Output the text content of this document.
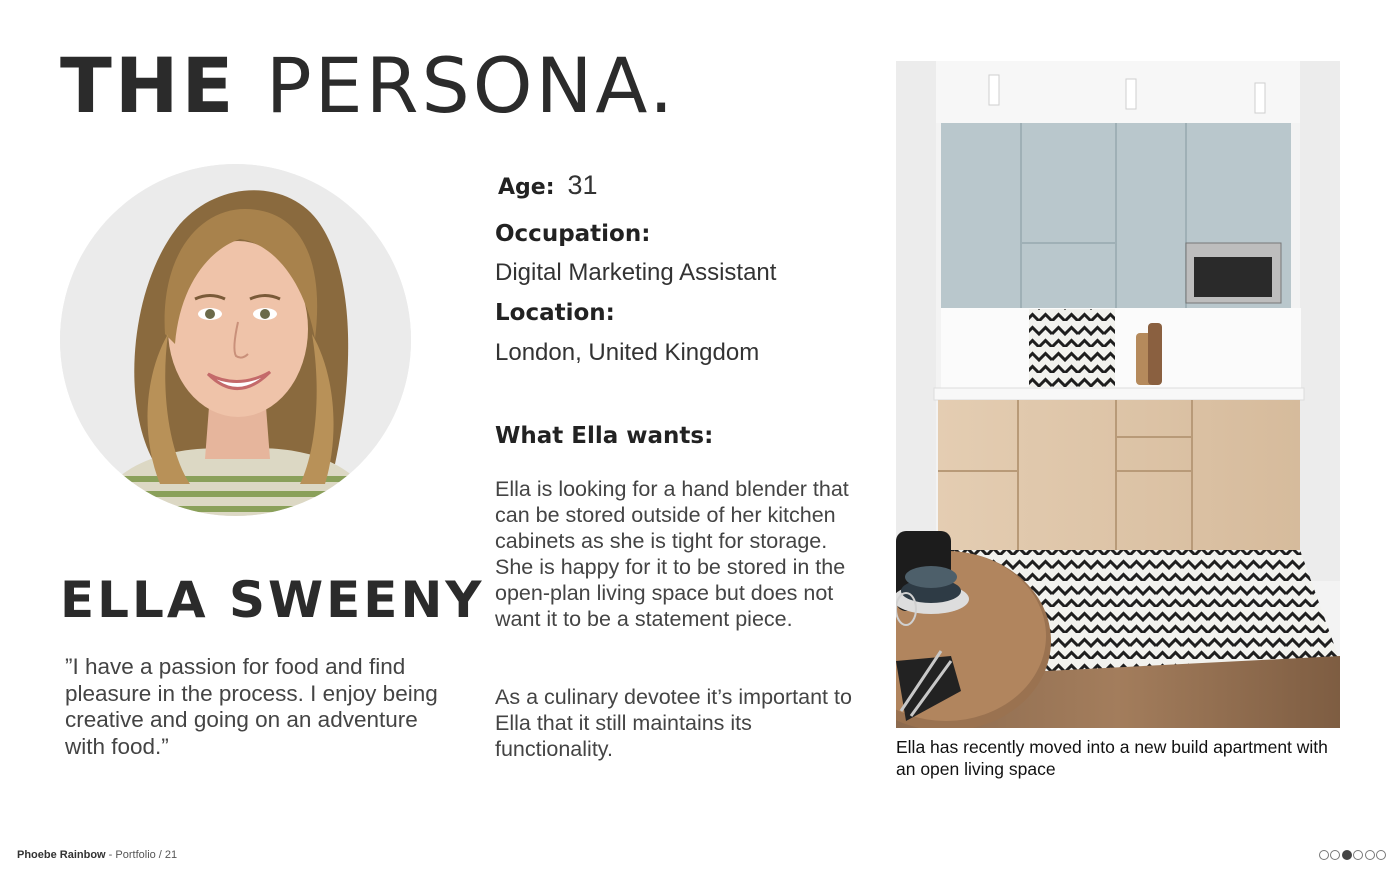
THE PERSONA.
ELLA SWEENY

”I have a passion for food and find pleasure in the process. I enjoy being creative and going on an adventure with food.”

Age: 31

Occupation:

Digital Marketing Assistant

Location:

London, United Kingdom

What Ella wants:

Ella is looking for a hand blender that can be stored outside of her kitchen cabinets as she is tight for storage. She is happy for it to be stored in the open-plan living space but does not want it to be a statement piece.

As a culinary devotee it’s important to Ella that it still maintains its functionality.	Ella has recently moved into a new build apartment with an open living space

Phoebe Rainbow - Portfolio / 21
